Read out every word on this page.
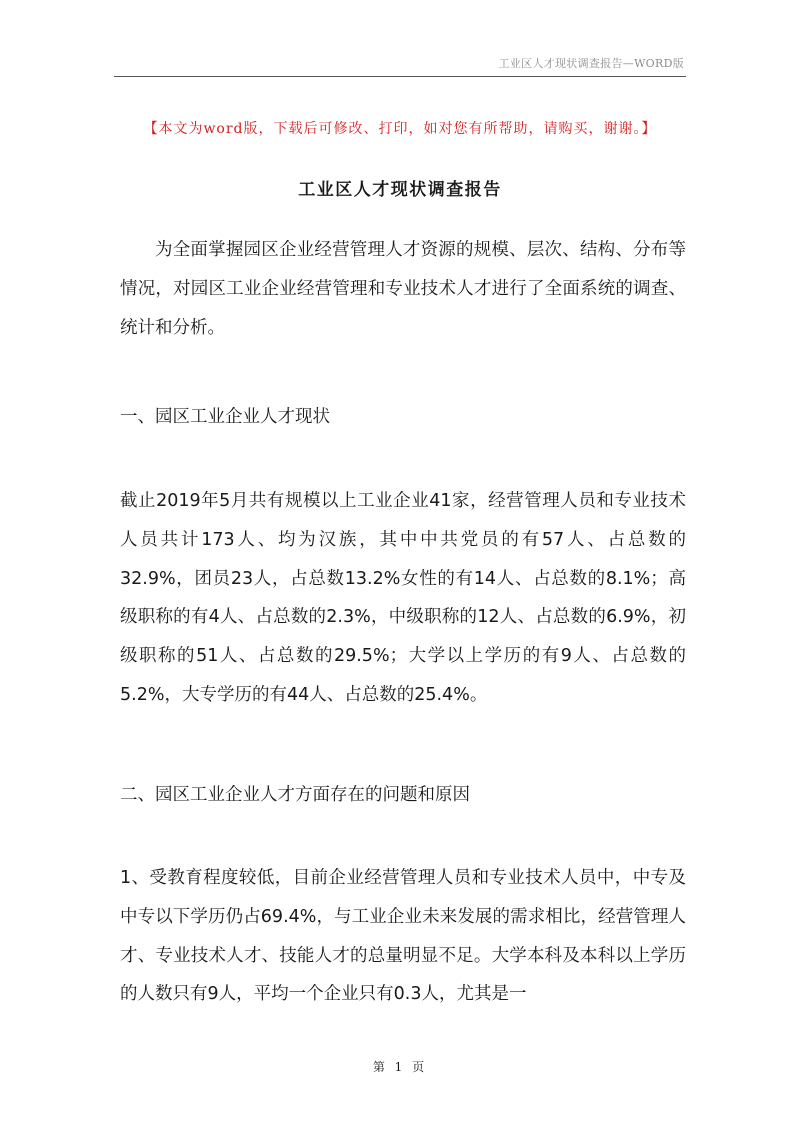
工业区人才现状调查报告—WORD版
【本文为word版，下载后可修改、打印，如对您有所帮助，请购买，谢谢。】
工业区人才现状调查报告

为全面掌握园区企业经营管理人才资源的规模、层次、结构、分布等情况，对园区工业企业经营管理和专业技术人才进行了全面系统的调查、统计和分析。

一、园区工业企业人才现状

截止2019年5月共有规模以上工业企业41家，经营管理人员和专业技术人员共计173人、均为汉族，其中中共党员的有57人、占总数的32.9%，团员23人，占总数13.2%女性的有14人、占总数的8.1%；高级职称的有4人、占总数的2.3%，中级职称的12人、占总数的6.9%，初级职称的51人、占总数的29.5%；大学以上学历的有9人、占总数的5.2%，大专学历的有44人、占总数的25.4%。

二、园区工业企业人才方面存在的问题和原因

1、受教育程度较低，目前企业经营管理人员和专业技术人员中，中专及中专以下学历仍占69.4%，与工业企业未来发展的需求相比，经营管理人才、专业技术人才、技能人才的总量明显不足。大学本科及本科以上学历的人数只有9人，平均一个企业只有0.3人，尤其是一

第 1 页
